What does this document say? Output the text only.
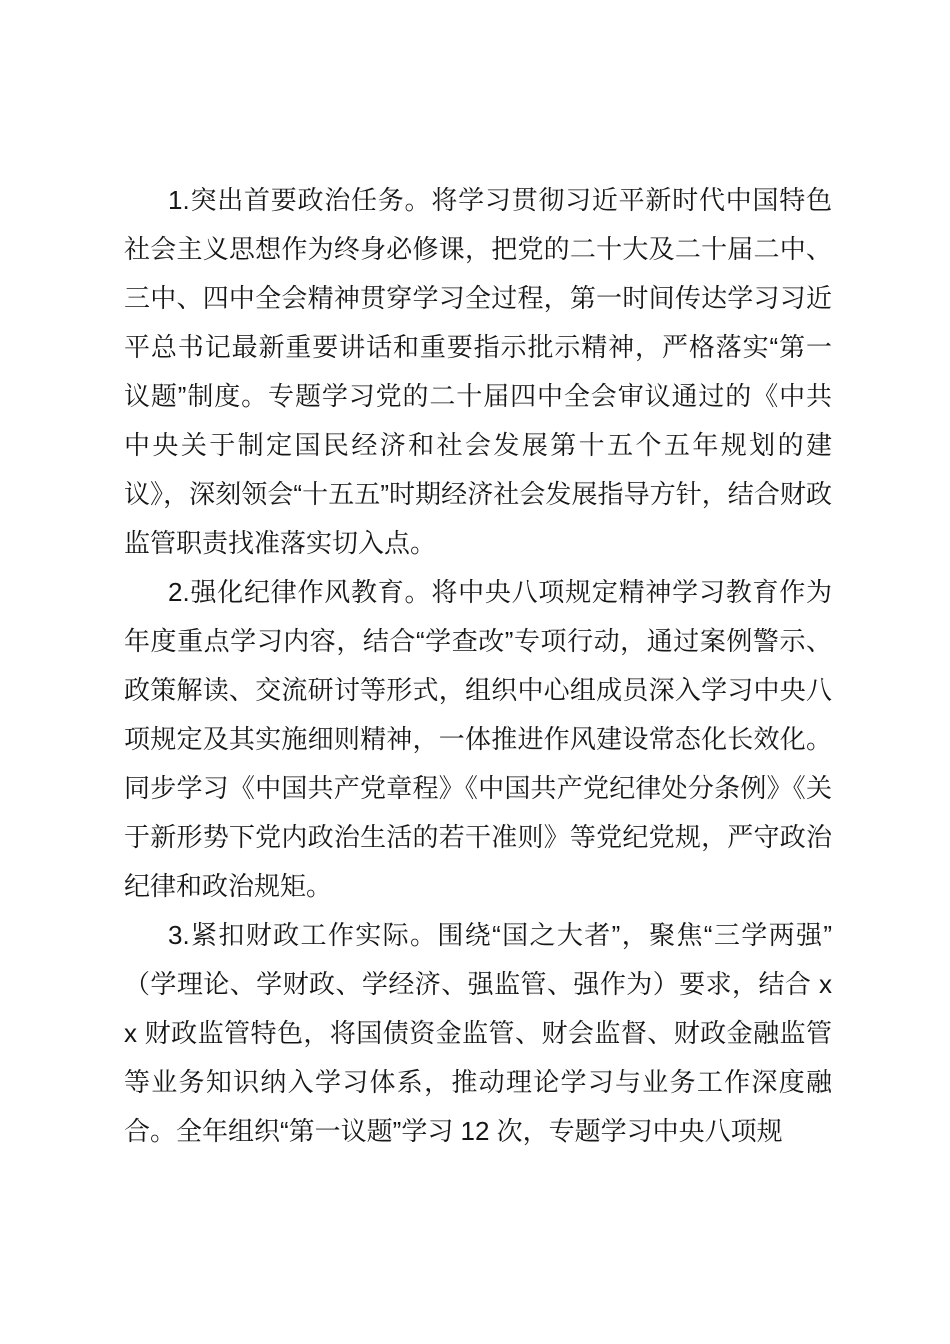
1.突出首要政治任务。将学习贯彻习近平新时代中国特色社会主义思想作为终身必修课，把党的二十大及二十届二中、三中、四中全会精神贯穿学习全过程，第一时间传达学习习近平总书记最新重要讲话和重要指示批示精神，严格落实“第一议题”制度。专题学习党的二十届四中全会审议通过的《中共中央关于制定国民经济和社会发展第十五个五年规划的建议》，深刻领会“十五五”时期经济社会发展指导方针，结合财政监管职责找准落实切入点。

2.强化纪律作风教育。将中央八项规定精神学习教育作为年度重点学习内容，结合“学查改”专项行动，通过案例警示、政策解读、交流研讨等形式，组织中心组成员深入学习中央八项规定及其实施细则精神，一体推进作风建设常态化长效化。同步学习《中国共产党章程》《中国共产党纪律处分条例》《关于新形势下党内政治生活的若干准则》等党纪党规，严守政治纪律和政治规矩。

3.紧扣财政工作实际。围绕“国之大者”，聚焦“三学两强”（学理论、学财政、学经济、强监管、强作为）要求，结合 xx 财政监管特色，将国债资金监管、财会监督、财政金融监管等业务知识纳入学习体系，推动理论学习与业务工作深度融合。全年组织“第一议题”学习 12 次，专题学习中央八项规
